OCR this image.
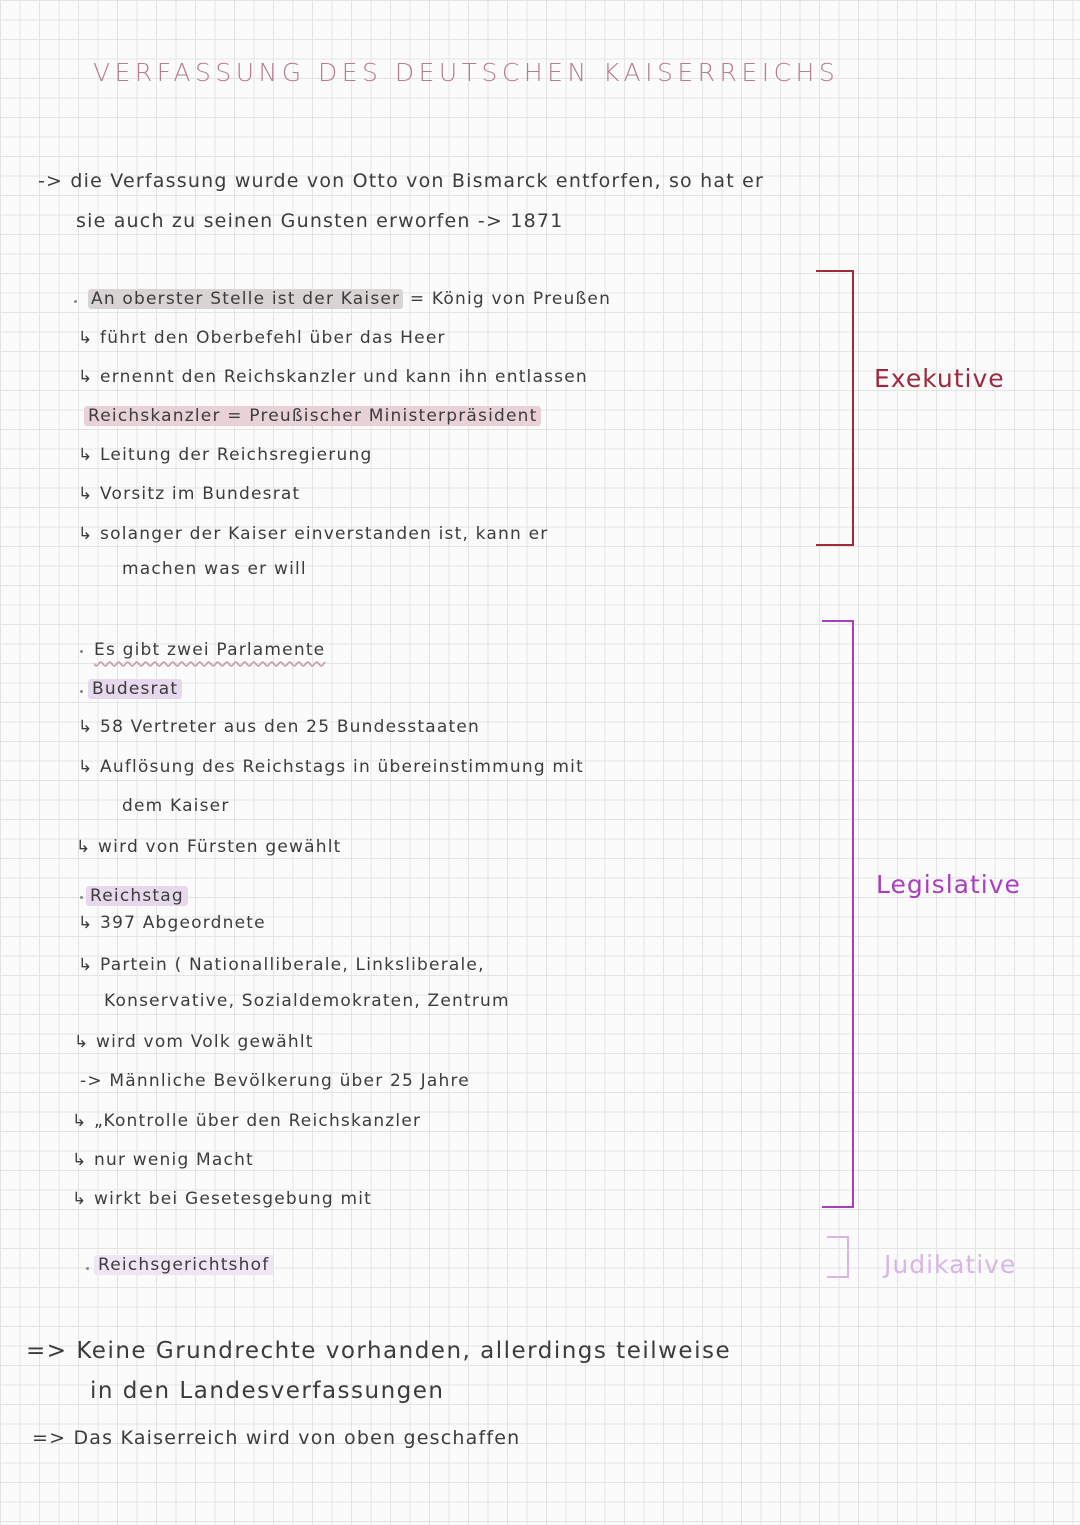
VERFASSUNG DES DEUTSCHEN KAISERREICHS
-> die Verfassung wurde von Otto von Bismarck entforfen, so hat er
sie auch zu seinen Gunsten erworfen -> 1871
An oberster Stelle ist der Kaiser = König von Preußen
↳ führt den Oberbefehl über das Heer
↳ ernennt den Reichskanzler und kann ihn entlassen
Reichskanzler = Preußischer Ministerpräsident
↳ Leitung der Reichsregierung
↳ Vorsitz im Bundesrat
↳ solanger der Kaiser einverstanden ist, kann er
machen was er will
Exekutive
Es gibt zwei Parlamente
Budesrat
↳ 58 Vertreter aus den 25 Bundesstaaten
↳ Auflösung des Reichstags in übereinstimmung mit
dem Kaiser
↳ wird von Fürsten gewählt
Reichstag
↳ 397 Abgeordnete
↳ Partein ( Nationalliberale, Linksliberale,
Konservative, Sozialdemokraten, Zentrum
↳ wird vom Volk gewählt
-> Männliche Bevölkerung über 25 Jahre
↳ „Kontrolle über den Reichskanzler
↳ nur wenig Macht
↳ wirkt bei Gesetesgebung mit
Legislative
Reichsgerichtshof	Judikative
=> Keine Grundrechte vorhanden, allerdings teilweise
in den Landesverfassungen
=> Das Kaiserreich wird von oben geschaffen
